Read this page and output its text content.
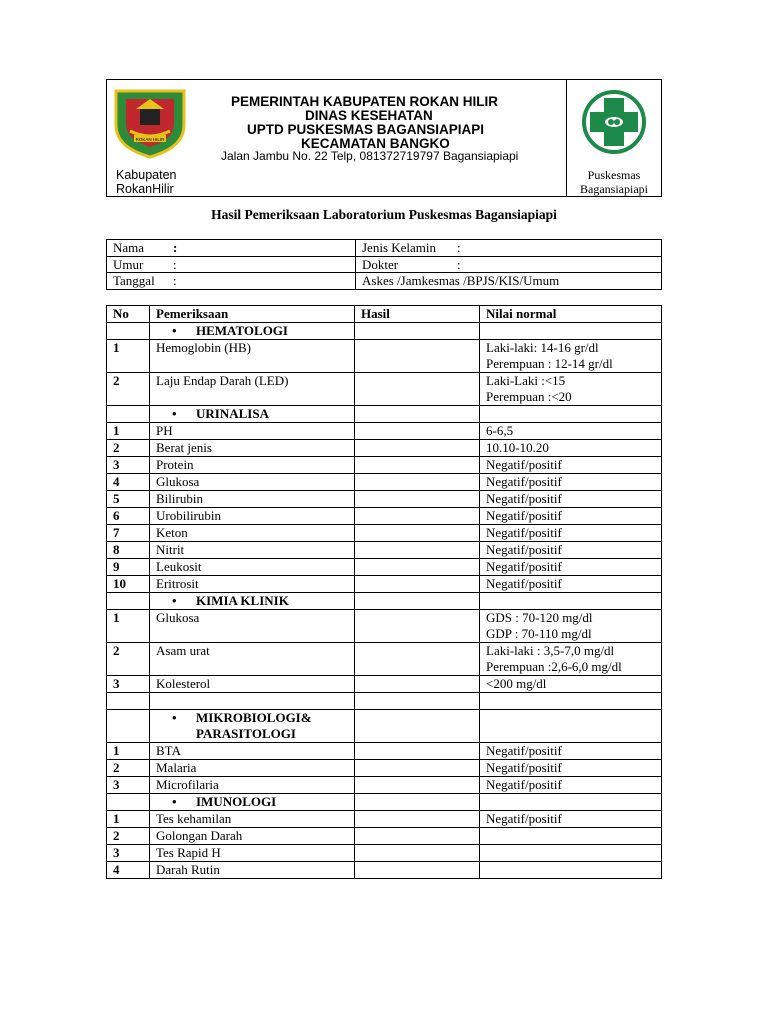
ROKAN HILIR
Kabupaten
RokanHilir
PEMERINTAH KABUPATEN ROKAN HILIR
DINAS KESEHATAN
UPTD PUSKESMAS BAGANSIAPIAPI
KECAMATAN BANGKO
Jalan Jambu No. 22 Telp, 081372719797 Bagansiapiapi
Puskesmas
Bagansiapiapi
Hasil Pemeriksaan Laboratorium Puskesmas Bagansiapiapi
Nama :	Jenis Kelamin :
Umur :	Dokter :
Tanggal :	Askes /Jamkesmas /BPJS/KIS/Umum
No	Pemeriksaan	Hasil	Nilai normal
	• HEMATOLOGI		
1	Hemoglobin (HB)		Laki-laki: 14-16 gr/dl
Perempuan : 12-14 gr/dl

2	Laju Endap Darah (LED)		Laki-Laki :<15
Perempuan :<20

	• URINALISA		
1	PH		6-6,5
2	Berat jenis		10.10-10.20
3	Protein		Negatif/positif
4	Glukosa		Negatif/positif
5	Bilirubin		Negatif/positif
6	Urobilirubin		Negatif/positif
7	Keton		Negatif/positif
8	Nitrit		Negatif/positif
9	Leukosit		Negatif/positif
10	Eritrosit		Negatif/positif
	• KIMIA KLINIK		
1	Glukosa		GDS : 70-120 mg/dl
GDP : 70-110 mg/dl

2	Asam urat		Laki-laki : 3,5-7,0 mg/dl
Perempuan :2,6-6,0 mg/dl

3	Kolesterol		<200 mg/dl

	• MIKROBIOLOGI&
PARASITOLOGI		

1	BTA		Negatif/positif
2	Malaria		Negatif/positif
3	Microfilaria		Negatif/positif
	• IMUNOLOGI		
1	Tes kehamilan		Negatif/positif
2	Golongan Darah		
3	Tes Rapid H		
4	Darah Rutin		
